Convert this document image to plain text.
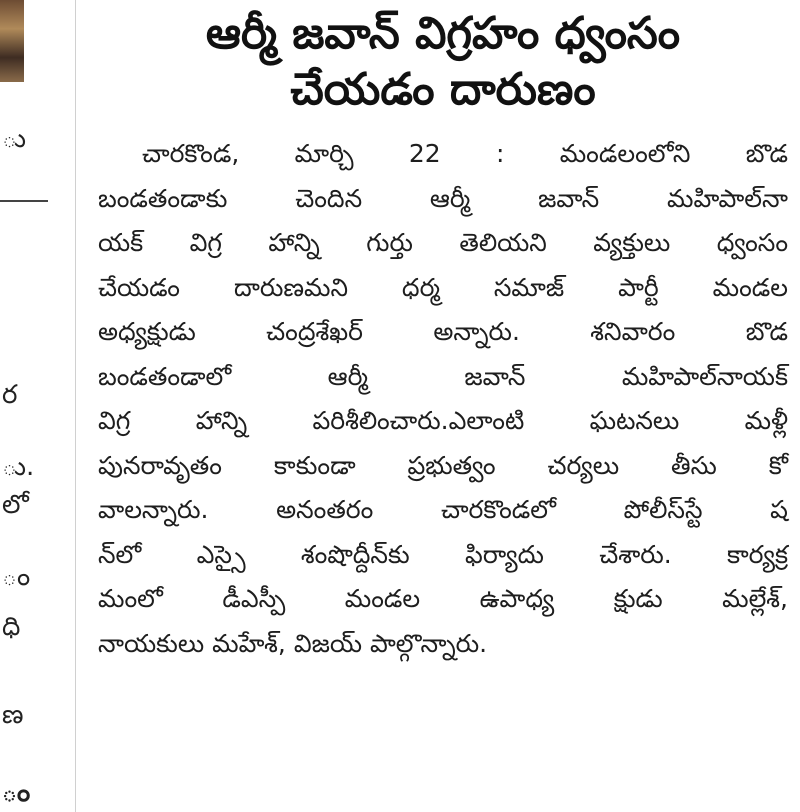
ు
ర
ు.
లో
ం
ధి
ణ
ం
ఆర్మీ జవాన్ విగ్రహం ధ్వంసం
చేయడం దారుణం
చారకొండ, మార్చి 22 : మండలంలోని బొడ
బండతండాకు చెందిన ఆర్మీ జవాన్ మహిపాల్‌నా
యక్ విగ్ర హాన్ని గుర్తు తెలియని వ్యక్తులు ధ్వంసం
చేయడం దారుణమని ధర్మ సమాజ్ పార్టీ మండల
అధ్యక్షుడు చంద్రశేఖర్ అన్నారు. శనివారం బొడ
బండతండాలో ఆర్మీ జవాన్ మహిపాల్‌నాయక్
విగ్ర హాన్ని పరిశీలించారు.ఎలాంటి ఘటనలు మళ్లీ
పునరావృతం కాకుండా ప్రభుత్వం చర్యలు తీసు కో
వాలన్నారు. అనంతరం చారకొండలో పోలీస్‌స్టే ష
న్‌లో ఎస్సై శంషొద్దీన్‌కు ఫిర్యాదు చేశారు. కార్యక్ర
మంలో డీఎస్పీ మండల ఉపాధ్య క్షుడు మల్లేశ్,
నాయకులు మహేశ్, విజయ్ పాల్గొన్నారు.
